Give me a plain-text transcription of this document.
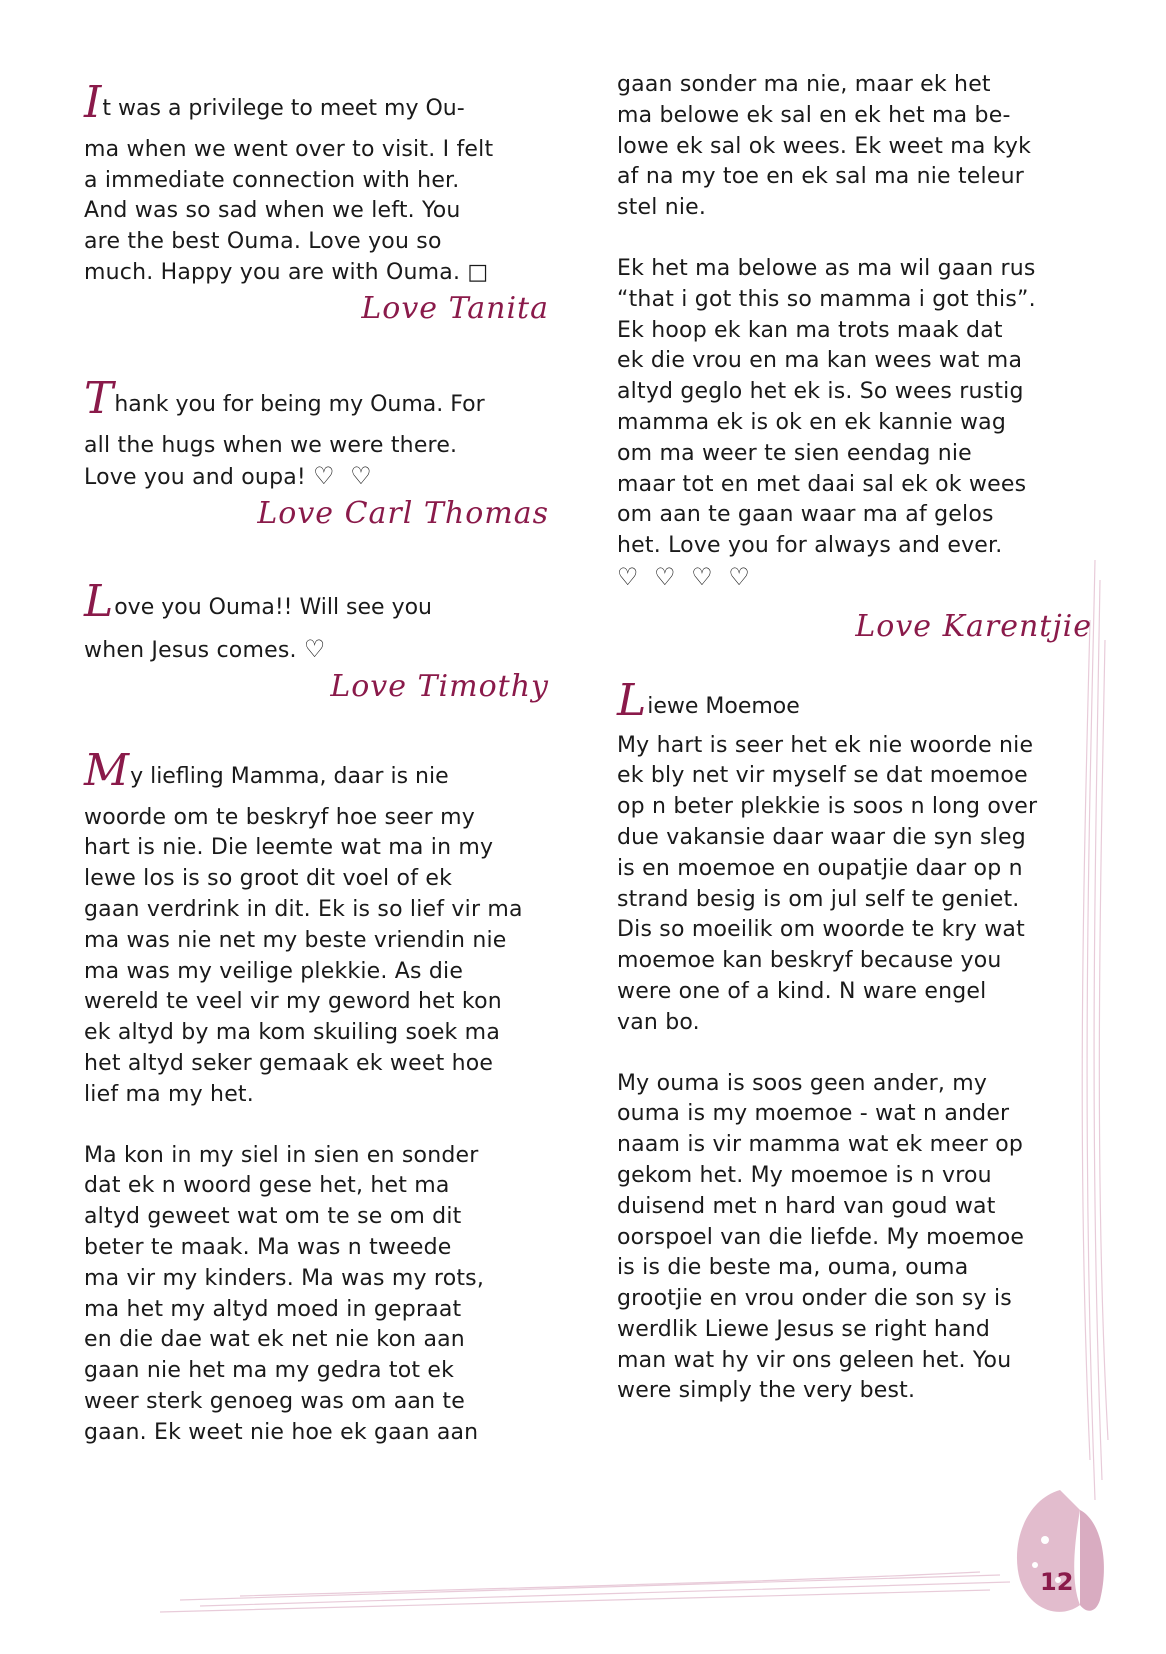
It was a privilege to meet my Ou-

ma when we went over to visit. I felt
a immediate connection with her.
And was so sad when we left. You
are the best Ouma. Love you so
much. Happy you are with Ouma. □

Love Tanita

Thank you for being my Ouma. For

all the hugs when we were there.
Love you and oupa! ♡ ♡

Love Carl Thomas

Love you Ouma!! Will see you

when Jesus comes. ♡

Love Timothy

My liefling Mamma, daar is nie

woorde om te beskryf hoe seer my
hart is nie. Die leemte wat ma in my
lewe los is so groot dit voel of ek
gaan verdrink in dit. Ek is so lief vir ma
ma was nie net my beste vriendin nie
ma was my veilige plekkie. As die
wereld te veel vir my geword het kon
ek altyd by ma kom skuiling soek ma
het altyd seker gemaak ek weet hoe
lief ma my het.

Ma kon in my siel in sien en sonder
dat ek n woord gese het, het ma
altyd geweet wat om te se om dit
beter te maak. Ma was n tweede
ma vir my kinders. Ma was my rots,
ma het my altyd moed in gepraat
en die dae wat ek net nie kon aan
gaan nie het ma my gedra tot ek
weer sterk genoeg was om aan te
gaan. Ek weet nie hoe ek gaan aan

gaan sonder ma nie, maar ek het
ma belowe ek sal en ek het ma be-
lowe ek sal ok wees. Ek weet ma kyk
af na my toe en ek sal ma nie teleur
stel nie.

Ek het ma belowe as ma wil gaan rus
“that i got this so mamma i got this”.
Ek hoop ek kan ma trots maak dat
ek die vrou en ma kan wees wat ma
altyd geglo het ek is. So wees rustig
mamma ek is ok en ek kannie wag
om ma weer te sien eendag nie
maar tot en met daai sal ek ok wees
om aan te gaan waar ma af gelos
het. Love you for always and ever.

♡ ♡ ♡ ♡

Love Karentjie

Liewe Moemoe

My hart is seer het ek nie woorde nie
ek bly net vir myself se dat moemoe
op n beter plekkie is soos n long over
due vakansie daar waar die syn sleg
is en moemoe en oupatjie daar op n
strand besig is om jul self te geniet.
Dis so moeilik om woorde te kry wat
moemoe kan beskryf because you
were one of a kind. N ware engel
van bo.

My ouma is soos geen ander, my
ouma is my moemoe - wat n ander
naam is vir mamma wat ek meer op
gekom het. My moemoe is n vrou
duisend met n hard van goud wat
oorspoel van die liefde. My moemoe
is is die beste ma, ouma, ouma
grootjie en vrou onder die son sy is
werdlik Liewe Jesus se right hand
man wat hy vir ons geleen het. You
were simply the very best.

12
